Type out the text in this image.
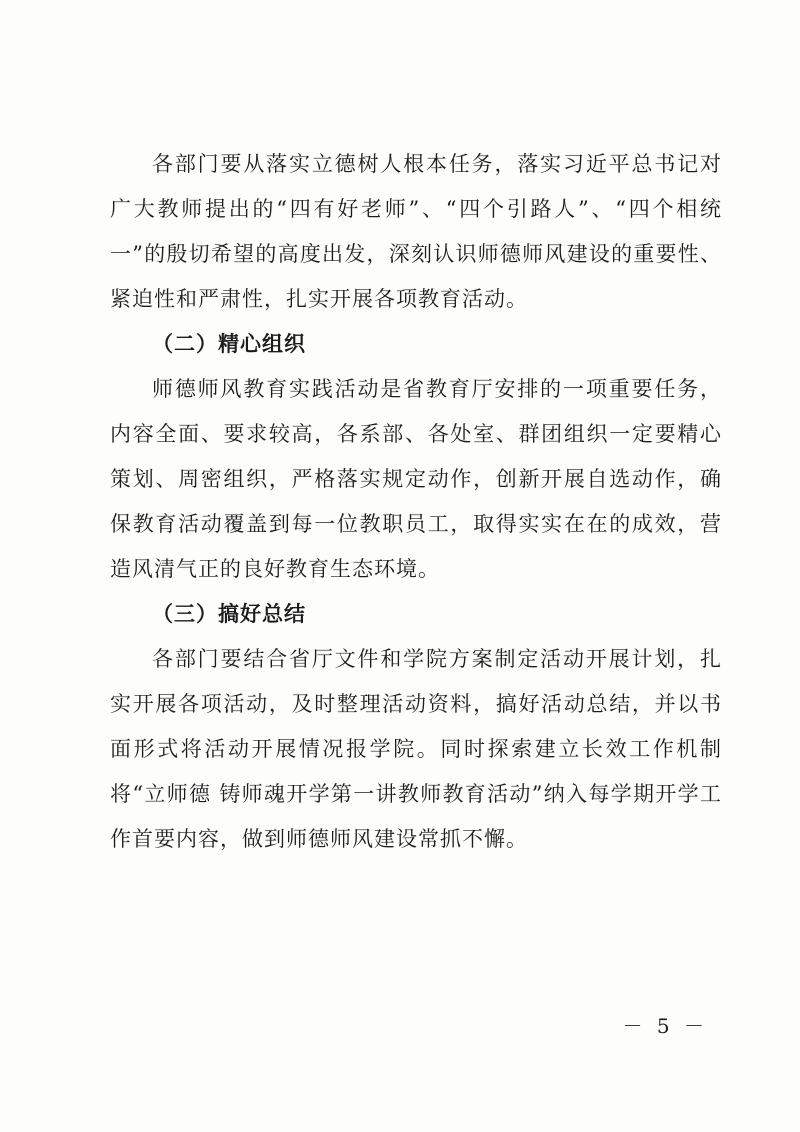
各部门要从落实立德树人根本任务，落实习近平总书记对广大教师提出的“四有好老师”、“四个引路人”、“四个相统一”的殷切希望的高度出发，深刻认识师德师风建设的重要性、紧迫性和严肃性，扎实开展各项教育活动。

（二）精心组织

师德师风教育实践活动是省教育厅安排的一项重要任务，内容全面、要求较高，各系部、各处室、群团组织一定要精心策划、周密组织，严格落实规定动作，创新开展自选动作，确保教育活动覆盖到每一位教职员工，取得实实在在的成效，营造风清气正的良好教育生态环境。

（三）搞好总结

各部门要结合省厅文件和学院方案制定活动开展计划，扎实开展各项活动，及时整理活动资料，搞好活动总结，并以书面形式将活动开展情况报学院。同时探索建立长效工作机制将“立师德 铸师魂开学第一讲教师教育活动”纳入每学期开学工作首要内容，做到师德师风建设常抓不懈。

－ 5 －
